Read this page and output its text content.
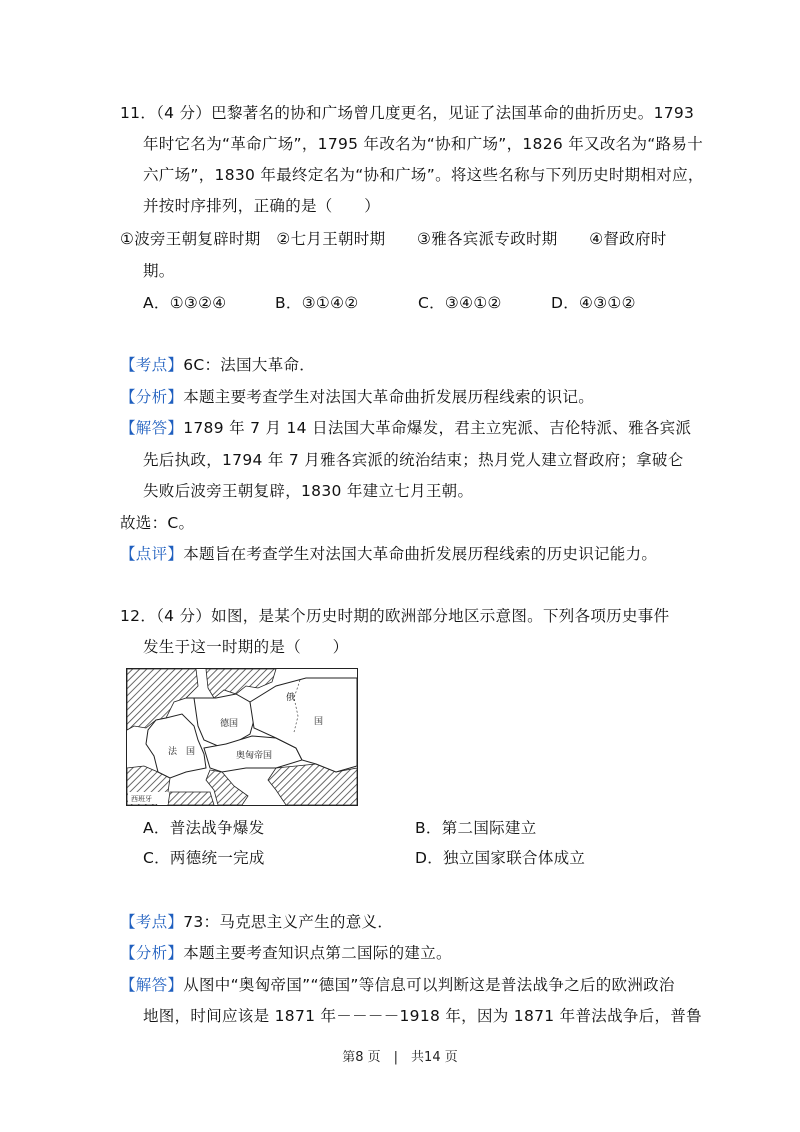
11．（4 分）巴黎著名的协和广场曾几度更名，见证了法国革命的曲折历史。1793
年时它名为“革命广场”，1795 年改名为“协和广场”，1826 年又改名为“路易十
六广场”，1830 年最终定名为“协和广场”。将这些名称与下列历史时期相对应，
并按时序排列，正确的是（　　）
①波旁王朝复辟时期　②七月王朝时期　　③雅各宾派专政时期　　④督政府时
期。
A．①③②④	B．③①④②	C．③④①②	D．④③①②
【考点】6C：法国大革命．
【分析】本题主要考查学生对法国大革命曲折发展历程线索的识记。
【解答】1789 年 7 月 14 日法国大革命爆发，君主立宪派、吉伦特派、雅各宾派
先后执政，1794 年 7 月雅各宾派的统治结束；热月党人建立督政府；拿破仑
失败后波旁王朝复辟，1830 年建立七月王朝。
故选：C。
【点评】本题旨在考查学生对法国大革命曲折发展历程线索的历史识记能力。
12．（4 分）如图，是某个历史时期的欧洲部分地区示意图。下列各项历史事件
发生于这一时期的是（　　）
俄
国
德国
法　国	奥匈帝国
西班牙
A．普法战争爆发	B．第二国际建立
C．两德统一完成	D．独立国家联合体成立
【考点】73：马克思主义产生的意义．
【分析】本题主要考查知识点第二国际的建立。
【解答】从图中“奥匈帝国”“德国”等信息可以判断这是普法战争之后的欧洲政治
地图，时间应该是 1871 年－－－－1918 年，因为 1871 年普法战争后，普鲁
第8 页　|　共14 页
